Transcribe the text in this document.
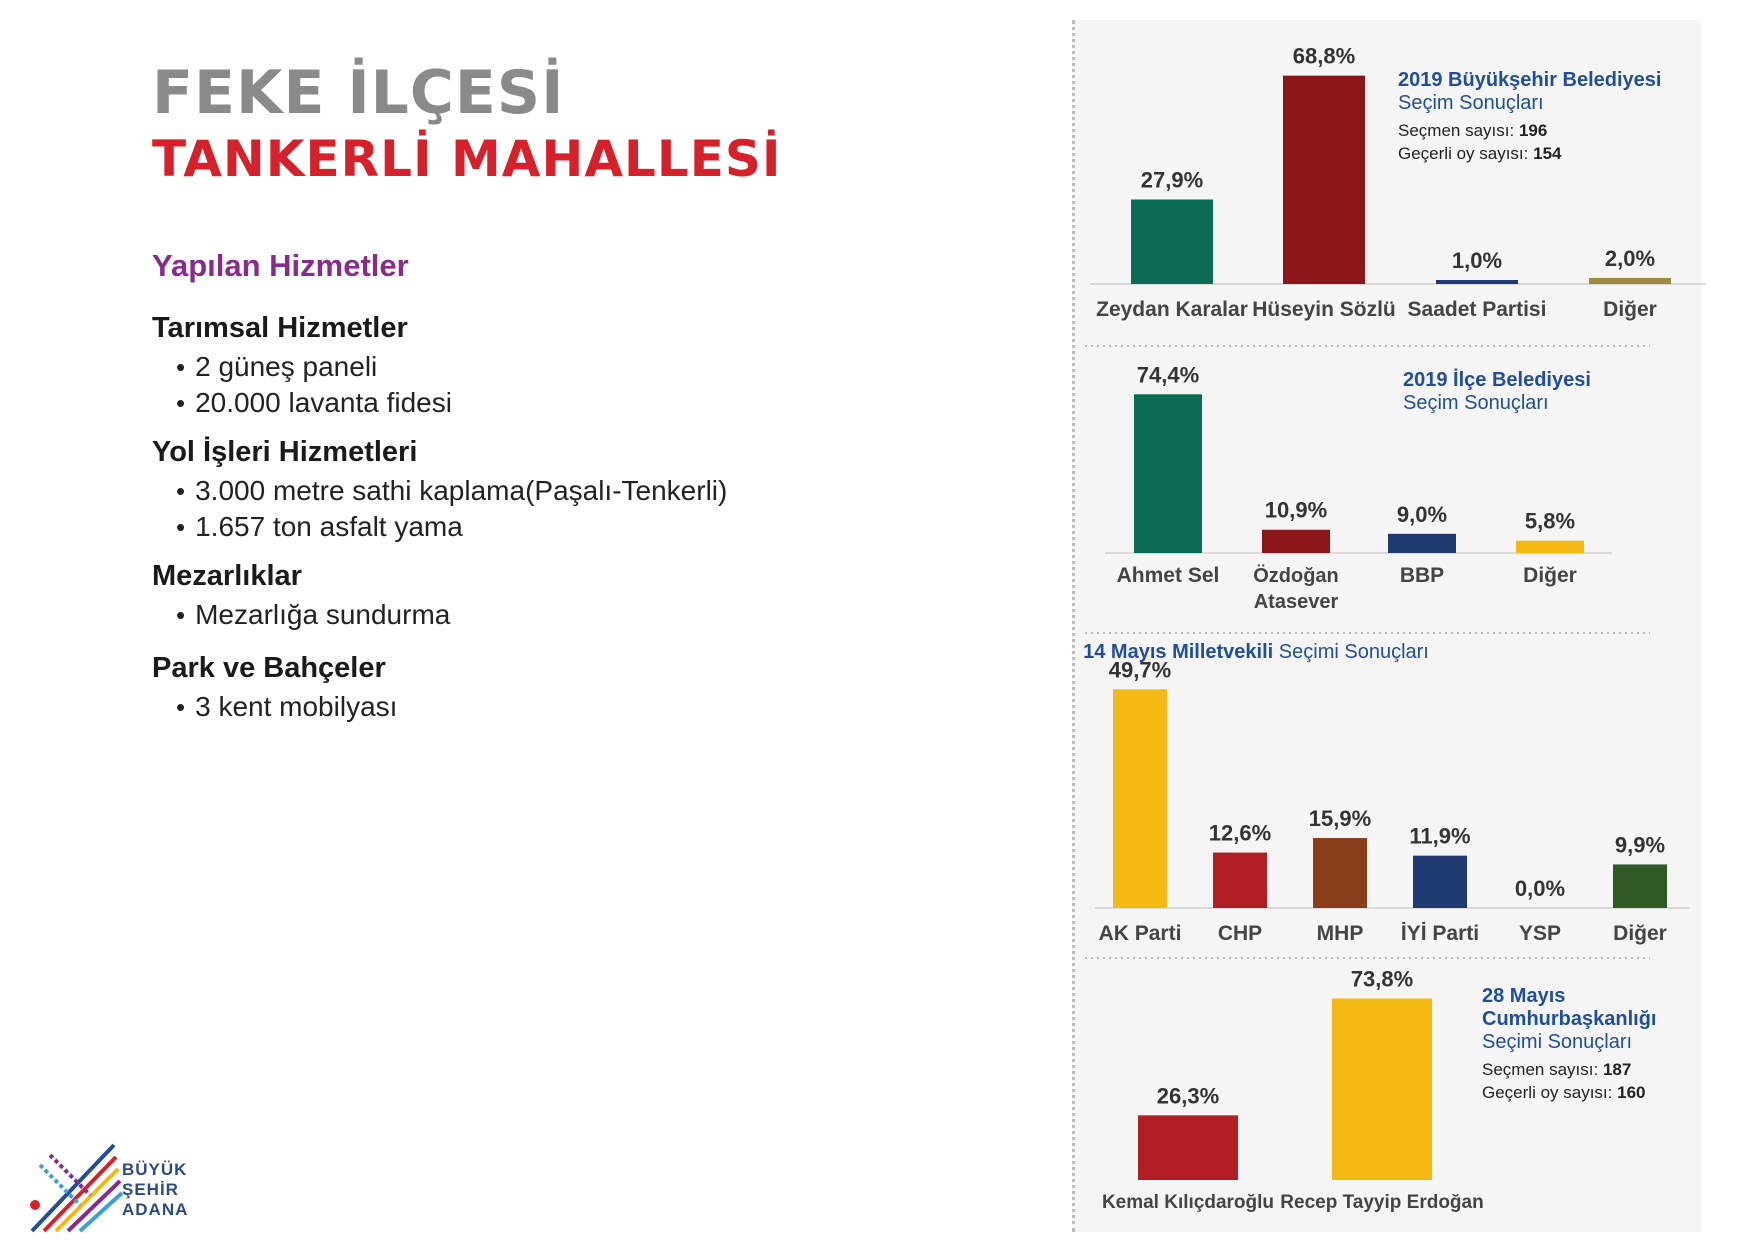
FEKE İLÇESİ
TANKERLİ MAHALLESİ
Yapılan Hizmetler
Tarımsal Hizmetler
• 2 güneş paneli
• 20.000 lavanta fidesi
Yol İşleri Hizmetleri
• 3.000 metre sathi kaplama(Paşalı-Tenkerli)
• 1.657 ton asfalt yama
Mezarlıklar
• Mezarlığa sundurma
Park ve Bahçeler
• 3 kent mobilyası
BÜYÜK
ŞEHİR
ADANA
27,9%
Zeydan Karalar
68,8%
Hüseyin Sözlü
1,0%
Saadet Partisi
2,0%
Diğer
2019 Büyükşehir Belediyesi
Seçim Sonuçları
Seçmen sayısı: 196
Geçerli oy sayısı: 154
74,4%
Ahmet Sel
10,9%
Özdoğan
Atasever
9,0%
BBP
5,8%
Diğer
2019 İlçe Belediyesi
Seçim Sonuçları
49,7%
AK Parti
12,6%
CHP
15,9%
MHP
11,9%
İYİ Parti
0,0%
YSP
9,9%
Diğer
14 Mayıs Milletvekili Seçimi Sonuçları
26,3%
Kemal Kılıçdaroğlu
73,8%
Recep Tayyip Erdoğan
28 Mayıs
Cumhurbaşkanlığı
Seçimi Sonuçları
Seçmen sayısı: 187
Geçerli oy sayısı: 160
